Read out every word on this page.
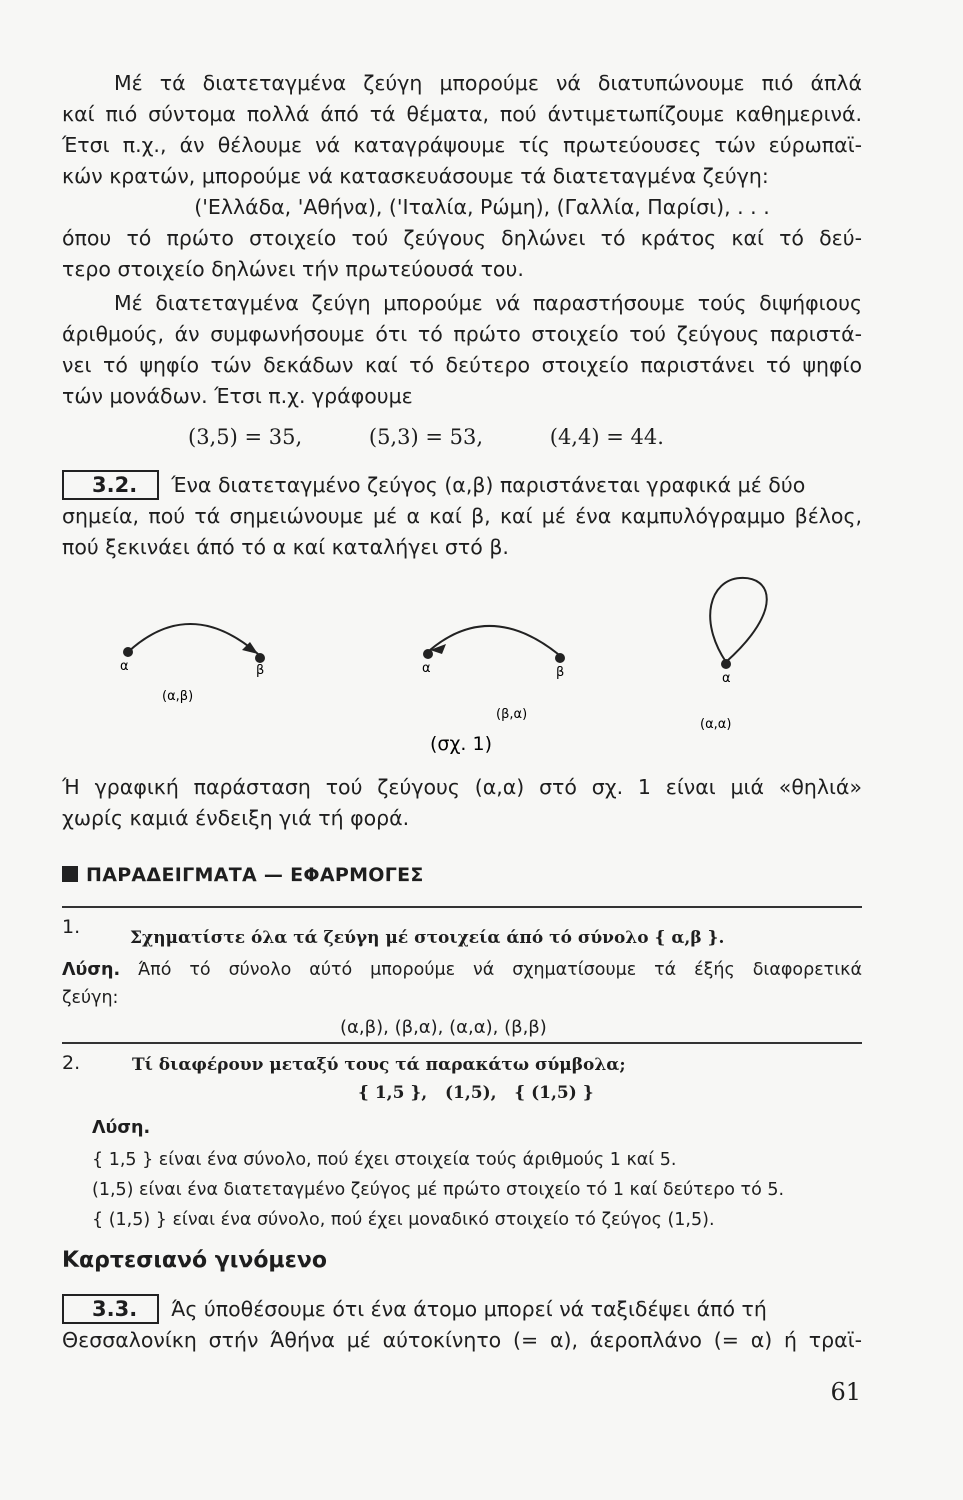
Μέ τά διατεταγμένα ζεύγη μπορούμε νά διατυπώνουμε πιό άπλά
καί πιό σύντομα πολλά άπό τά θέματα, πού άντιμετωπίζουμε καθημερινά.
Έτσι π.χ., άν θέλουμε νά καταγράψουμε τίς πρωτεύουσες τών εύρωπαϊ-
κών κρατών, μπορούμε νά κατασκευάσουμε τά διατεταγμένα ζεύγη:
('Ελλάδα, 'Αθήνα), ('Ιταλία, Ρώμη), (Γαλλία, Παρίσι), . . .
όπου τό πρώτο στοιχείο τού ζεύγους δηλώνει τό κράτος καί τό δεύ-
τερο στοιχείο δηλώνει τήν πρωτεύουσά του.
Μέ διατεταγμένα ζεύγη μπορούμε νά παραστήσουμε τούς διψήφιους
άριθμούς, άν συμφωνήσουμε ότι τό πρώτο στοιχείο τού ζεύγους παριστά-
νει τό ψηφίο τών δεκάδων καί τό δεύτερο στοιχείο παριστάνει τό ψηφίο
τών μονάδων. Έτσι π.χ. γράφουμε
(3,5) = 35,          (5,3) = 53,          (4,4) = 44.
3.2. Ένα διατεταγμένο ζεύγος (α,β) παριστάνεται γραφικά μέ δύο
σημεία, πού τά σημειώνουμε μέ α καί β, καί μέ ένα καμπυλόγραμμο βέλος,
πού ξεκινάει άπό τό α καί καταλήγει στό β.
α	β
(α,β)
α	β
(β,α)
α
(α,α)
(σχ. 1)
Ή γραφική παράσταση τού ζεύγους (α,α) στό σχ. 1 είναι μιά «θηλιά»
χωρίς καμιά ένδειξη γιά τή φορά.
ΠΑΡΑΔΕΙΓΜΑΤΑ — ΕΦΑΡΜΟΓΕΣ
1.	Σχηματίστε όλα τά ζεύγη μέ στοιχεία άπό τό σύνολο { α,β }.
Λύση. Άπό τό σύνολο αύτό μπορούμε νά σχηματίσουμε τά έξής διαφορετικά
ζεύγη:
(α,β), (β,α), (α,α), (β,β)
2.	Τί διαφέρουν μεταξύ τους τά παρακάτω σύμβολα;
{ 1,5 },   (1,5),   { (1,5) }
Λύση.
{ 1,5 } είναι ένα σύνολο, πού έχει στοιχεία τούς άριθμούς 1 καί 5.
(1,5) είναι ένα διατεταγμένο ζεύγος μέ πρώτο στοιχείο τό 1 καί δεύτερο τό 5.
{ (1,5) } είναι ένα σύνολο, πού έχει μοναδικό στοιχείο τό ζεύγος (1,5).
Καρτεσιανό γινόμενο
3.3. Άς ύποθέσουμε ότι ένα άτομο μπορεί νά ταξιδέψει άπό τή
Θεσσαλονίκη στήν Άθήνα μέ αύτοκίνητο (= α), άεροπλάνο (= α) ή τραϊ-
61
